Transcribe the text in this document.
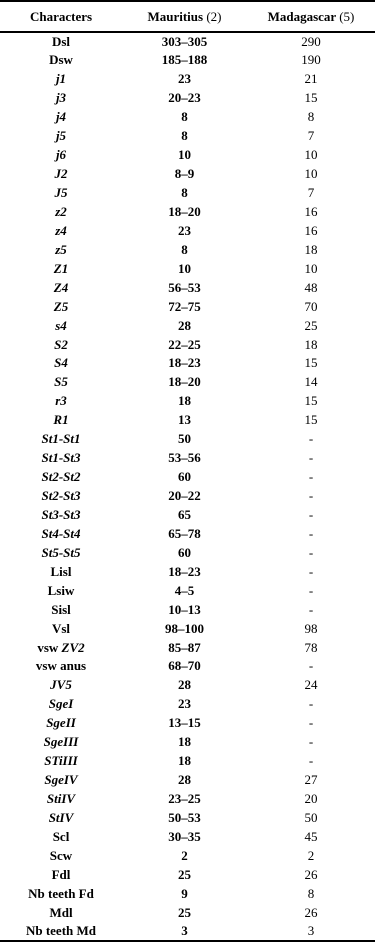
Characters	Mauritius (2)	Madagascar (5)
Dsl	303–305	290
Dsw	185–188	190
j1	23	21
j3	20–23	15
j4	8	8
j5	8	7
j6	10	10
J2	8–9	10
J5	8	7
z2	18–20	16
z4	23	16
z5	8	18
Z1	10	10
Z4	56–53	48
Z5	72–75	70
s4	28	25
S2	22–25	18
S4	18–23	15
S5	18–20	14
r3	18	15
R1	13	15
St1-St1	50	-
St1-St3	53–56	-
St2-St2	60	-
St2-St3	20–22	-
St3-St3	65	-
St4-St4	65–78	-
St5-St5	60	-
Lisl	18–23	-
Lsiw	4–5	-
Sisl	10–13	-
Vsl	98–100	98
vsw ZV2	85–87	78
vsw anus	68–70	-
JV5	28	24
SgeI	23	-
SgeII	13–15	-
SgeIII	18	-
STiIII	18	-
SgeIV	28	27
StiIV	23–25	20
StIV	50–53	50
Scl	30–35	45
Scw	2	2
Fdl	25	26
Nb teeth Fd	9	8
Mdl	25	26
Nb teeth Md	3	3
